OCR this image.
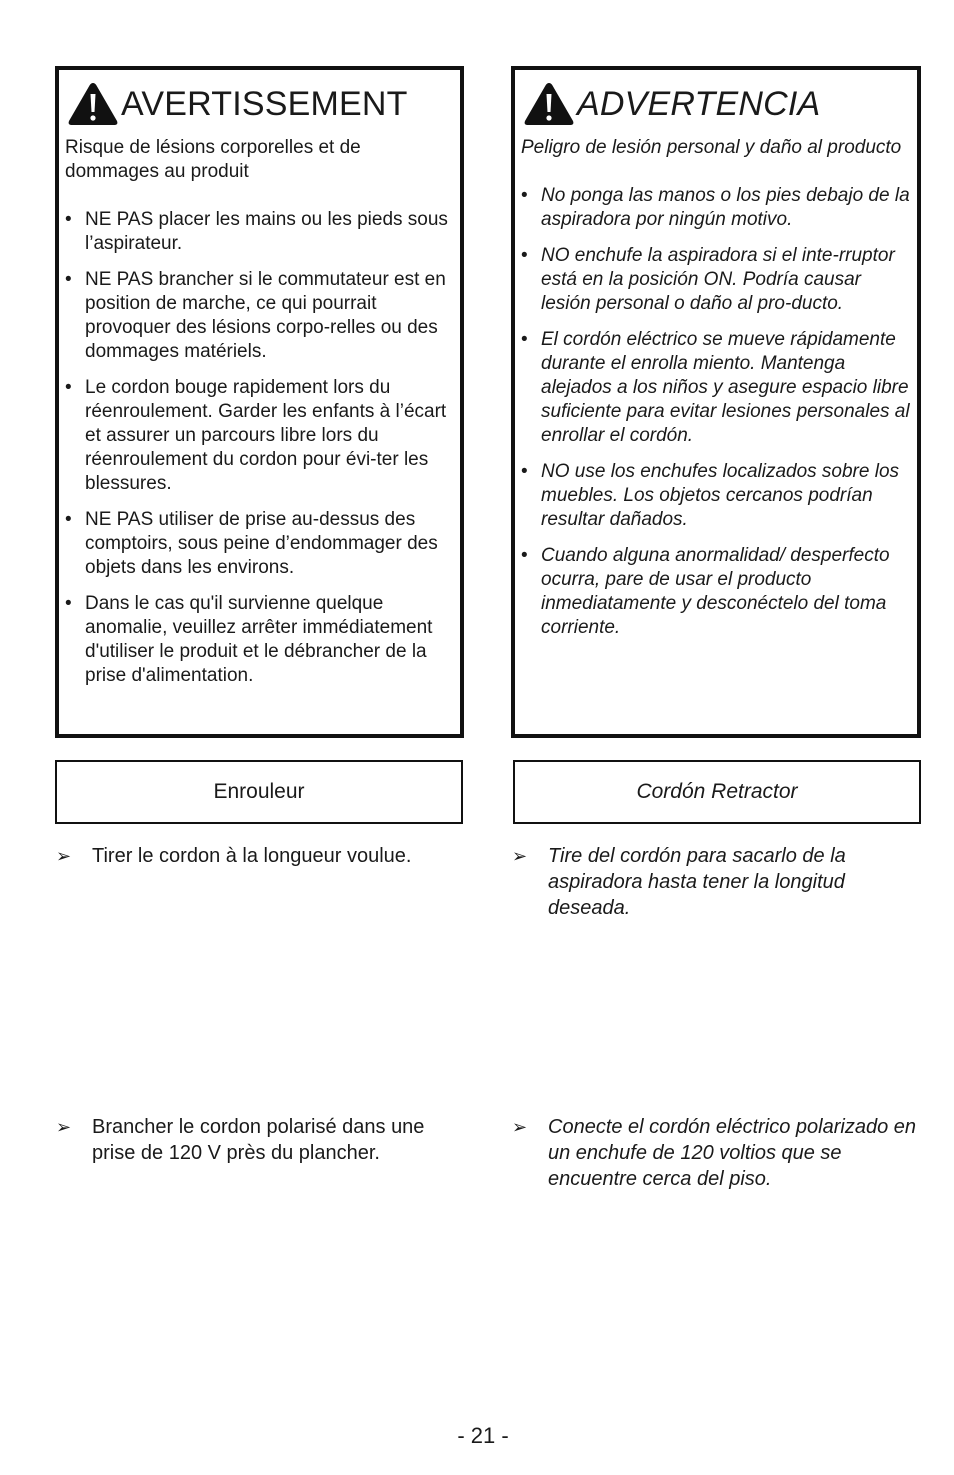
AVERTISSEMENT
Risque de lésions corporelles et de dommages au produit
• NE PAS placer les mains ou les pieds sous l’aspirateur.
• NE PAS brancher si le commutateur est en position de marche, ce qui pourrait provoquer des lésions corpo-relles ou des dommages matériels.
• Le cordon bouge rapidement lors du réenroulement. Garder les enfants à l’écart et assurer un parcours libre lors du réenroulement du cordon pour évi-ter les blessures.
• NE PAS utiliser de prise au-dessus des comptoirs, sous peine d’endommager des objets dans les environs.
• Dans le cas qu'il survienne quelque anomalie, veuillez arrêter immédiatement d'utiliser le produit et le débrancher de la prise d'alimentation.
ADVERTENCIA
Peligro de lesión personal y daño al producto
• No ponga las manos o los pies debajo de la aspiradora por ningún motivo.
• NO enchufe la aspiradora si el inte-rruptor está en la posición ON. Podría causar lesión personal o daño al pro-ducto.
• El cordón eléctrico se mueve rápidamente durante el enrolla miento. Mantenga alejados a los niños y asegure espacio libre suficiente para evitar lesiones personales al enrollar el cordón.
• NO use los enchufes localizados sobre los muebles. Los objetos cercanos podrían resultar dañados.
• Cuando alguna anormalidad/ desperfecto ocurra, pare de usar el producto inmediatamente y desconéctelo del toma corriente.
Enrouleur	Cordón Retractor
➢ Tirer le cordon à la longueur voulue.	➢ Tire del cordón para sacarlo de la aspiradora hasta tener la longitud deseada.
➢ Brancher le cordon polarisé dans une prise de 120 V près du plancher.
➢ Conecte el cordón eléctrico polarizado en un enchufe de 120 voltios que se encuentre cerca del piso.
- 21 -
